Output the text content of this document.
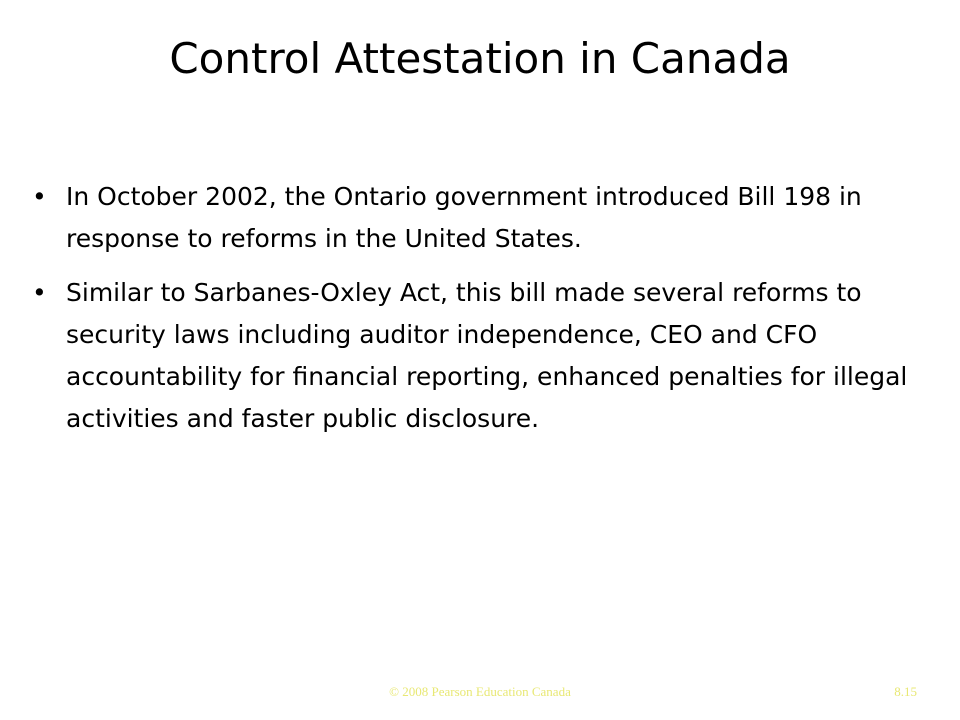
Control Attestation in Canada
• In October 2002, the Ontario government introduced Bill 198 in response to reforms in the United States.
• Similar to Sarbanes-Oxley Act, this bill made several reforms to security laws including auditor independence, CEO and CFO accountability for financial reporting, enhanced penalties for illegal activities and faster public disclosure.
© 2008 Pearson Education Canada	8.15
